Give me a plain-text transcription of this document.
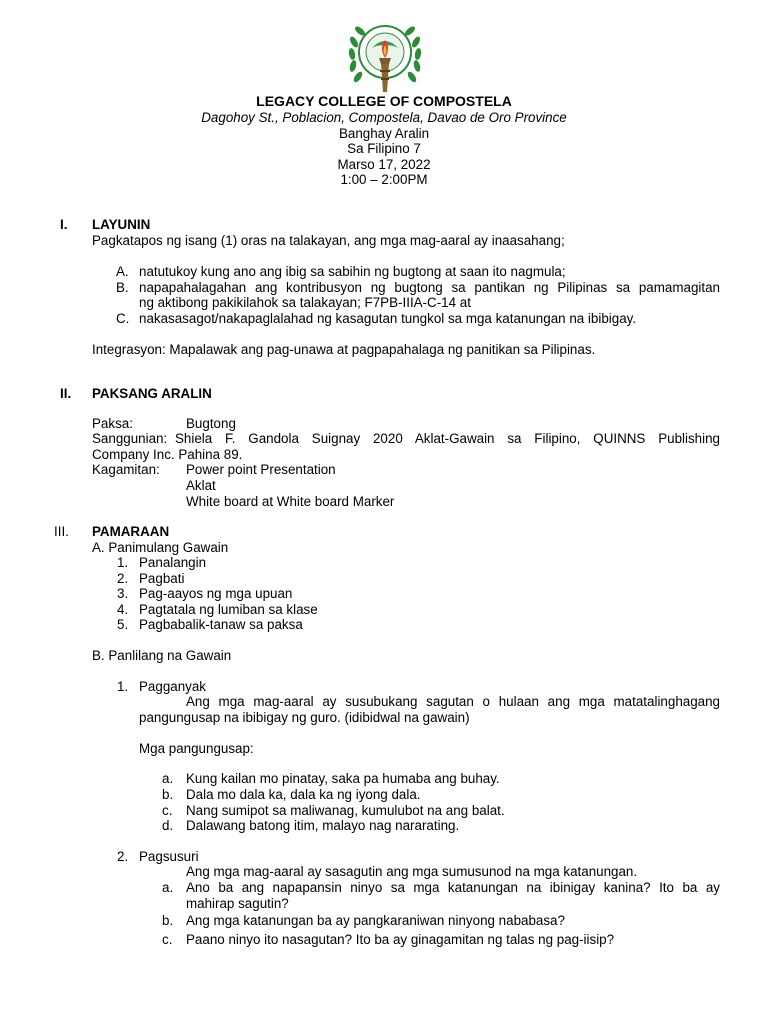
LEGACY COLLEGE OF COMPOSTELA
Dagohoy St., Poblacion, Compostela, Davao de Oro Province
Banghay Aralin
Sa Filipino 7
Marso 17, 2022
1:00 – 2:00PM
I. LAYUNIN
Pagkatapos ng isang (1) oras na talakayan, ang mga mag-aaral ay inaasahang;
A. natutukoy kung ano ang ibig sa sabihin ng bugtong at saan ito nagmula;
B. napapahalagahan ang kontribusyon ng bugtong sa pantikan ng Pilipinas sa pamamagitan
ng aktibong pakikilahok sa talakayan; F7PB-IIIA-C-14 at
C. nakasasagot/nakapaglalahad ng kasagutan tungkol sa mga katanungan na ibibigay.
Integrasyon: Mapalawak ang pag-unawa at pagpapahalaga ng panitikan sa Pilipinas.
II. PAKSANG ARALIN
Paksa:	Bugtong
Sanggunian: Shiela F. Gandola Suignay 2020 Aklat-Gawain sa Filipino, QUINNS Publishing
Company Inc. Pahina 89.
Kagamitan: Power point Presentation
Aklat
White board at White board Marker
III. PAMARAAN
A. Panimulang Gawain
1. Panalangin
2. Pagbati
3. Pag-aayos ng mga upuan
4. Pagtatala ng lumiban sa klase
5. Pagbabalik-tanaw sa paksa
B. Panlilang na Gawain
1. Pagganyak
Ang mga mag-aaral ay susubukang sagutan o hulaan ang mga matatalinghagang
pangungusap na ibibigay ng guro. (idibidwal na gawain)
Mga pangungusap:
a. Kung kailan mo pinatay, saka pa humaba ang buhay.
b. Dala mo dala ka, dala ka ng iyong dala.
c. Nang sumipot sa maliwanag, kumulubot na ang balat.
d. Dalawang batong itim, malayo nag nararating.
2. Pagsusuri
Ang mga mag-aaral ay sasagutin ang mga sumusunod na mga katanungan.
a. Ano ba ang napapansin ninyo sa mga katanungan na ibinigay kanina? Ito ba ay
mahirap sagutin?
b. Ang mga katanungan ba ay pangkaraniwan ninyong nababasa?
c. Paano ninyo ito nasagutan? Ito ba ay ginagamitan ng talas ng pag-iisip?
